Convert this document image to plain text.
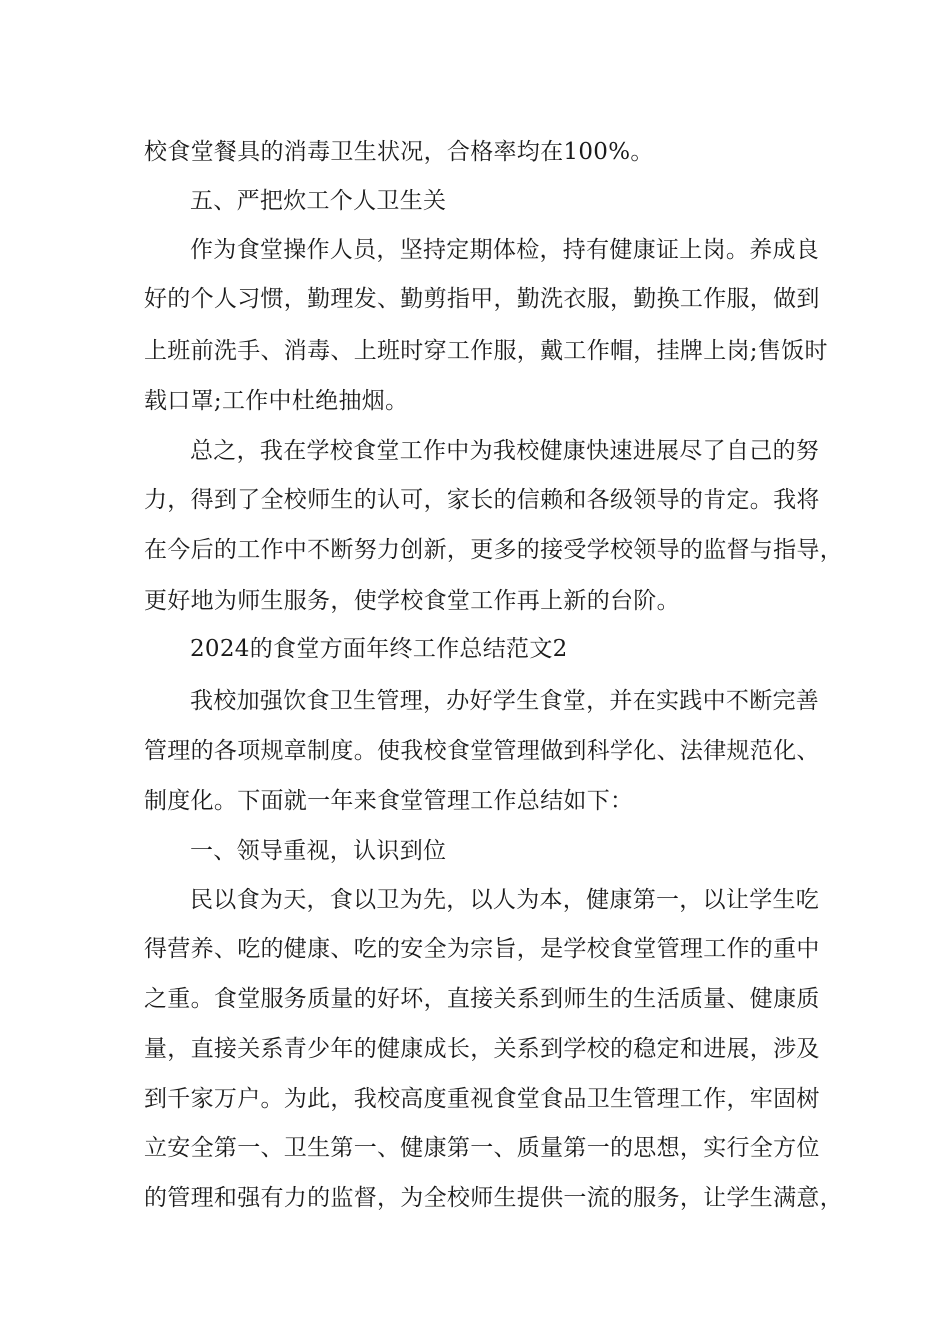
校食堂餐具的消毒卫生状况，合格率均在100%。
五、严把炊工个人卫生关
作为食堂操作人员，坚持定期体检，持有健康证上岗。养成良
好的个人习惯，勤理发、勤剪指甲，勤洗衣服，勤换工作服，做到
上班前洗手、消毒、上班时穿工作服，戴工作帽，挂牌上岗;售饭时
载口罩;工作中杜绝抽烟。
总之，我在学校食堂工作中为我校健康快速进展尽了自己的努
力，得到了全校师生的认可，家长的信赖和各级领导的肯定。我将
在今后的工作中不断努力创新，更多的接受学校领导的监督与指导，
更好地为师生服务，使学校食堂工作再上新的台阶。
2024的食堂方面年终工作总结范文2
我校加强饮食卫生管理，办好学生食堂，并在实践中不断完善
管理的各项规章制度。使我校食堂管理做到科学化、法律规范化、
制度化。下面就一年来食堂管理工作总结如下：
一、领导重视，认识到位
民以食为天，食以卫为先，以人为本，健康第一，以让学生吃
得营养、吃的健康、吃的安全为宗旨，是学校食堂管理工作的重中
之重。食堂服务质量的好坏，直接关系到师生的生活质量、健康质
量，直接关系青少年的健康成长，关系到学校的稳定和进展，涉及
到千家万户。为此，我校高度重视食堂食品卫生管理工作，牢固树
立安全第一、卫生第一、健康第一、质量第一的思想，实行全方位
的管理和强有力的监督，为全校师生提供一流的服务，让学生满意，
